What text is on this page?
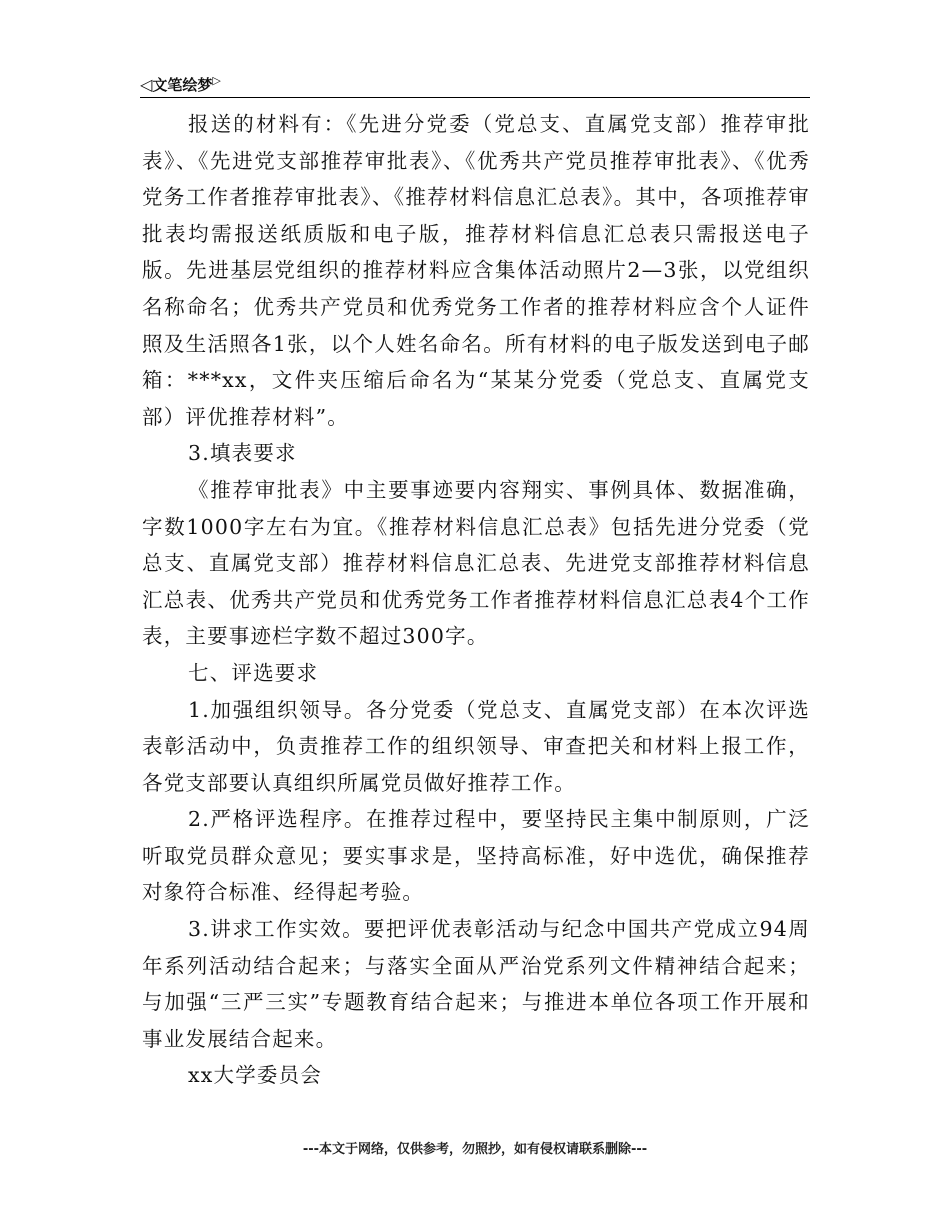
◁文笔绘梦▷

报送的材料有：《先进分党委（党总支、直属党支部）推荐审批表》、《先进党支部推荐审批表》、《优秀共产党员推荐审批表》、《优秀党务工作者推荐审批表》、《推荐材料信息汇总表》。其中，各项推荐审批表均需报送纸质版和电子版，推荐材料信息汇总表只需报送电子版。先进基层党组织的推荐材料应含集体活动照片2—3张，以党组织名称命名；优秀共产党员和优秀党务工作者的推荐材料应含个人证件照及生活照各1张，以个人姓名命名。所有材料的电子版发送到电子邮箱：***xx，文件夹压缩后命名为“某某分党委（党总支、直属党支部）评优推荐材料”。

3.填表要求

《推荐审批表》中主要事迹要内容翔实、事例具体、数据准确，字数1000字左右为宜。《推荐材料信息汇总表》包括先进分党委（党总支、直属党支部）推荐材料信息汇总表、先进党支部推荐材料信息汇总表、优秀共产党员和优秀党务工作者推荐材料信息汇总表4个工作表，主要事迹栏字数不超过300字。

七、评选要求

1.加强组织领导。各分党委（党总支、直属党支部）在本次评选表彰活动中，负责推荐工作的组织领导、审查把关和材料上报工作，各党支部要认真组织所属党员做好推荐工作。

2.严格评选程序。在推荐过程中，要坚持民主集中制原则，广泛听取党员群众意见；要实事求是，坚持高标准，好中选优，确保推荐对象符合标准、经得起考验。

3.讲求工作实效。要把评优表彰活动与纪念中国共产党成立94周年系列活动结合起来；与落实全面从严治党系列文件精神结合起来；与加强“三严三实”专题教育结合起来；与推进本单位各项工作开展和事业发展结合起来。

xx大学委员会

---本文于网络，仅供参考，勿照抄，如有侵权请联系删除---
